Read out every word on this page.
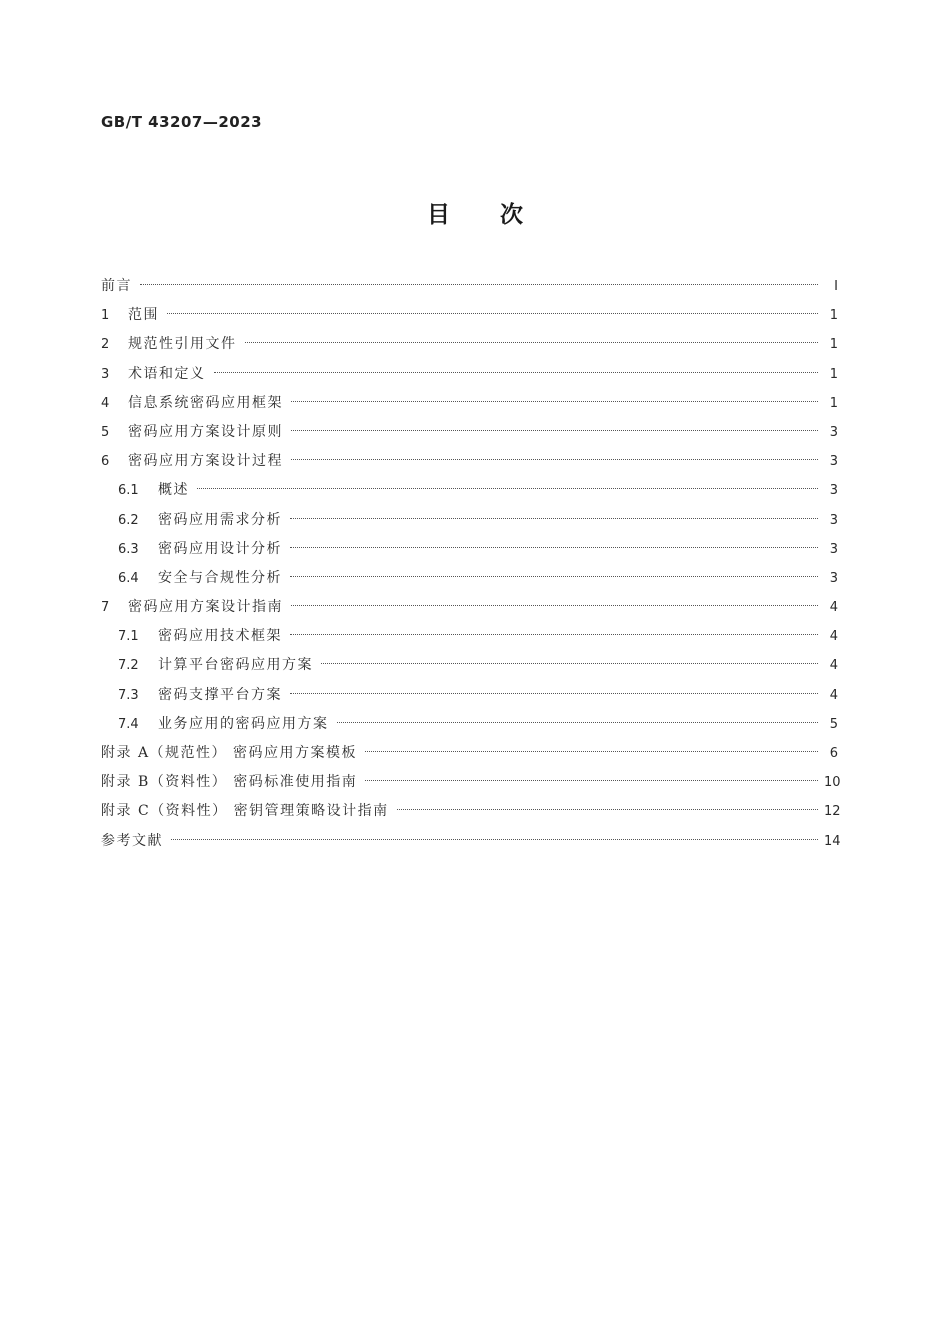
GB/T 43207—2023
目次
前言	Ⅰ
1	范围	1
2	规范性引用文件	1
3	术语和定义	1
4	信息系统密码应用框架	1
5	密码应用方案设计原则	3
6	密码应用方案设计过程	3
6.1	概述	3
6.2	密码应用需求分析	3
6.3	密码应用设计分析	3
6.4	安全与合规性分析	3
7	密码应用方案设计指南	4
7.1	密码应用技术框架	4
7.2	计算平台密码应用方案	4
7.3	密码支撑平台方案	4
7.4	业务应用的密码应用方案	5
附录 A（规范性） 密码应用方案模板	6
附录 B（资料性） 密码标准使用指南	10
附录 C（资料性） 密钥管理策略设计指南	12
参考文献	14
